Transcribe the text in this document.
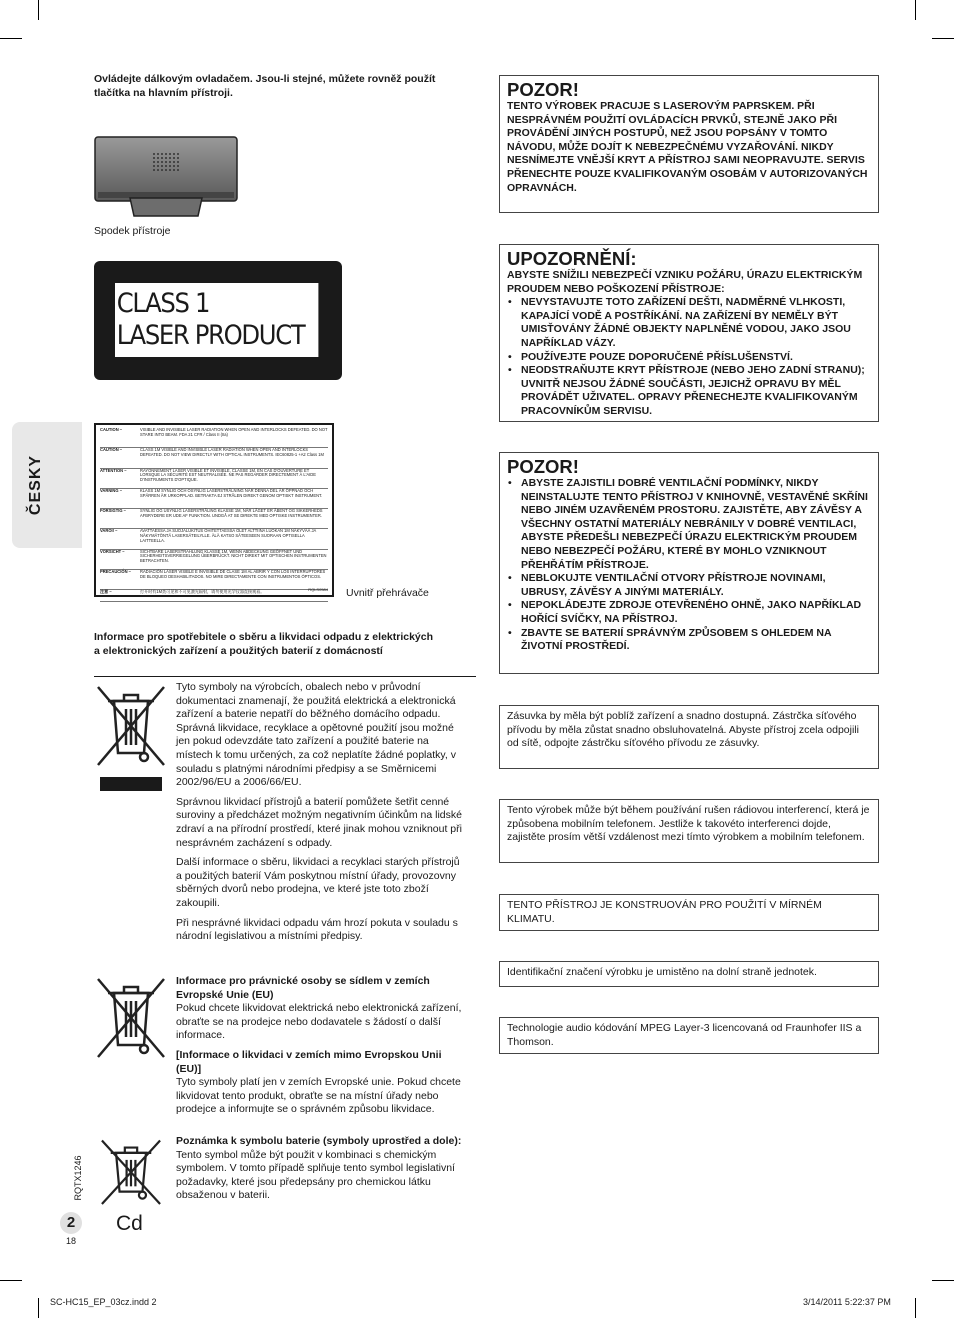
Ovládejte dálkovým ovladačem. Jsou-li stejné, můžete rovněž použít tlačítka na hlavním přístroji.
Spodek přístroje
CLASS 1
LASER PRODUCT
ČESKY
CAUTION –	VISIBLE AND INVISIBLE LASER RADIATION WHEN OPEN AND INTERLOCKS DEFEATED. DO NOT STARE INTO BEAM. FDA 21 CFR / Class II (IIa)
CAUTION –	CLASS 1M VISIBLE AND INVISIBLE LASER RADIATION WHEN OPEN AND INTERLOCKS DEFEATED. DO NOT VIEW DIRECTLY WITH OPTICAL INSTRUMENTS. IEC60825-1 +A2 Class 1M
ATTENTION –	RAYONNEMENT LASER VISIBLE ET INVISIBLE, CLASSE 1M, EN CAS D'OUVERTURE ET LORSQUE LA SÉCURITÉ EST NEUTRALISÉE. NE PAS REGARDER DIRECTEMENT À L'AIDE D'INSTRUMENTS D'OPTIQUE.
VARNING –	KLASS 1M SYNLIG OCH OSYNLIG LASERSTRÅLNING NÄR DENNA DEL ÄR ÖPPNAD OCH SPÄRREN ÄR URKOPPLAD. BETRAKTA EJ STRÅLEN DIREKT GENOM OPTISKT INSTRUMENT.
FORSIGTIG –	SYNLIG OG USYNLIG LASERSTRÅLING KLASSE 1M, NÅR LÅGET ER ÅBENT OG SIKKERHEDS AFBRYDERE ER UDE AF FUNKTION. UNDGÅ AT SE DIREKTE MED OPTISKE INSTRUMENTER.
VAROI! –	AVATTAESSA JA SUOJALUKITUS OHITETTAESSA OLET ALTTIINA LUOKAN 1M NÄKYVÄÄ JA NÄKYMÄTÖNTÄ LASERSÄTEILYLLE. ÄLÄ KATSO SÄTEESEEN SUORAAN OPTISELLA LAITTEELLA.
VORSICHT –	SICHTBARE LASERSTRAHLUNG KLASSE 1M, WENN ABDECKUNG GEÖFFNET UND SICHERHEITSVERRIEGELUNG ÜBERBRÜCKT. NICHT DIREKT MIT OPTISCHEN INSTRUMENTEN BETRACHTEN.
PRECAUCIÓN –	RADIACIÓN LÁSER VISIBLE E INVISIBLE DE CLASE 1M AL ABRIR Y CON LOS INTERRUPTORES DE BLOQUEO DESHABILITADOS. NO MIRE DIRECTAMENTE CON INSTRUMENTOS ÓPTICOS.
注意 –	打开时有1M类可见和不可见激光辐射，请勿使用光学仪器直接观看。	RQLS0584 Uvnitř přehrávače
Informace pro spotřebitele o sběru a likvidaci odpadu z elektrických a elektronických zařízení a použitých baterií z domácností

Tyto symboly na výrobcích, obalech nebo v průvodní dokumentaci znamenají, že použitá elektrická a elektronická zařízení a baterie nepatří do běžného domácího odpadu.

Správná likvidace, recyklace a opětovné použití jsou možné jen pokud odevzdáte tato zařízení a použité baterie na místech k tomu určených, za což neplatíte žádné poplatky, v souladu s platnými národními předpisy a se Směrnicemi 2002/96/EU a 2006/66/EU.

Správnou likvidací přístrojů a baterií pomůžete šetřit cenné suroviny a předcházet možným negativním účinkům na lidské zdraví a na přírodní prostředí, které jinak mohou vzniknout při nesprávném zacházení s odpady.

Další informace o sběru, likvidaci a recyklaci starých přístrojů a použitých baterií Vám poskytnou místní úřady, provozovny sběrných dvorů nebo prodejna, ve které jste toto zboží zakoupili.

Při nesprávné likvidaci odpadu vám hrozí pokuta v souladu s národní legislativou a místními předpisy.

Informace pro právnické osoby se sídlem v zemích Evropské Unie (EU)

Pokud chcete likvidovat elektrická nebo elektronická zařízení, obraťte se na prodejce nebo dodavatele s žádostí o další informace.

[Informace o likvidaci v zemích mimo Evropskou Unii (EU)]

Tyto symboly platí jen v zemích Evropské unie. Pokud chcete likvidovat tento produkt, obraťte se na místní úřady nebo prodejce a informujte se o správném způsobu likvidace.

Cd

Poznámka k symbolu baterie (symboly uprostřed a dole):

Tento symbol může být použit v kombinaci s chemickým symbolem. V tomto případě splňuje tento symbol legislativní požadavky, které jsou předepsány pro chemickou látku obsaženou v baterii.

POZOR!
TENTO VÝROBEK PRACUJE S LASEROVÝM PAPRSKEM. PŘI NESPRÁVNÉM POUŽITÍ OVLÁDACÍCH PRVKŮ, STEJNĚ JAKO PŘI PROVÁDĚNÍ JINÝCH POSTUPŮ, NEŽ JSOU POPSÁNY V TOMTO NÁVODU, MŮŽE DOJÍT K NEBEZPEČNÉMU VYZAŘOVÁNÍ. NIKDY NESNÍMEJTE VNĚJŠÍ KRYT A PŘÍSTROJ SAMI NEOPRAVUJTE. SERVIS PŘENECHTE POUZE KVALIFIKOVANÝM OSOBÁM V AUTORIZOVANÝCH OPRAVNÁCH.
UPOZORNĚNÍ:
ABYSTE SNÍŽILI NEBEZPEČÍ VZNIKU POŽÁRU, ÚRAZU ELEKTRICKÝM PROUDEM NEBO POŠKOZENÍ PŘÍSTROJE:
• NEVYSTAVUJTE TOTO ZAŘÍZENÍ DEŠTI, NADMĚRNÉ VLHKOSTI, KAPAJÍCÍ VODĚ A POSTŘÍKÁNÍ. NA ZAŘÍZENÍ BY NEMĚLY BÝT UMISŤOVÁNY ŽÁDNÉ OBJEKTY NAPLNĚNÉ VODOU, JAKO JSOU NAPŘÍKLAD VÁZY.
• POUŽÍVEJTE POUZE DOPORUČENÉ PŘÍSLUŠENSTVÍ.
• NEODSTRAŇUJTE KRYT PŘÍSTROJE (NEBO JEHO ZADNÍ STRANU); UVNITŘ NEJSOU ŽÁDNÉ SOUČÁSTI, JEJICHŽ OPRAVU BY MĚL PROVÁDĚT UŽIVATEL. OPRAVY PŘENECHEJTE KVALIFIKOVANÝM PRACOVNÍKŮM SERVISU.
POZOR!
• ABYSTE ZAJISTILI DOBRÉ VENTILAČNÍ PODMÍNKY, NIKDY NEINSTALUJTE TENTO PŘÍSTROJ V KNIHOVNĚ, VESTAVĚNÉ SKŘÍNI NEBO JINÉM UZAVŘENÉM PROSTORU. ZAJISTĚTE, ABY ZÁVĚSY A VŠECHNY OSTATNÍ MATERIÁLY NEBRÁNILY V DOBRÉ VENTILACI, ABYSTE PŘEDEŠLI NEBEZPEČÍ ÚRAZU ELEKTRICKÝM PROUDEM NEBO NEBEZPEČÍ POŽÁRU, KTERÉ BY MOHLO VZNIKNOUT PŘEHŘÁTÍM PŘÍSTROJE.
• NEBLOKUJTE VENTILAČNÍ OTVORY PŘÍSTROJE NOVINAMI, UBRUSY, ZÁVĚSY A JINÝMI MATERIÁLY.
• NEPOKLÁDEJTE ZDROJE OTEVŘENÉHO OHNĚ, JAKO NAPŘÍKLAD HOŘÍCÍ SVÍČKY, NA PŘÍSTROJ.
• ZBAVTE SE BATERIÍ SPRÁVNÝM ZPŮSOBEM S OHLEDEM NA ŽIVOTNÍ PROSTŘEDÍ.
Zásuvka by měla být poblíž zařízení a snadno dostupná. Zástrčka síťového přívodu by měla zůstat snadno obsluhovatelná. Abyste přístroj zcela odpojili od sítě, odpojte zástrčku síťového přívodu ze zásuvky.
Tento výrobek může být během používání rušen rádiovou interferencí, která je způsobena mobilním telefonem. Jestliže k takovéto interferenci dojde, zajistěte prosím větší vzdálenost mezi tímto výrobkem a mobilním telefonem.
TENTO PŘÍSTROJ JE KONSTRUOVÁN PRO POUŽITÍ V MÍRNÉM KLIMATU.
Identifikační značení výrobku je umistěno na dolní straně jednotek.
Technologie audio kódování MPEG Layer-3 licencovaná od Fraunhofer IIS a Thomson.
RQTX1246
2
18
SC-HC15_EP_03cz.indd 2	3/14/2011 5:22:37 PM
